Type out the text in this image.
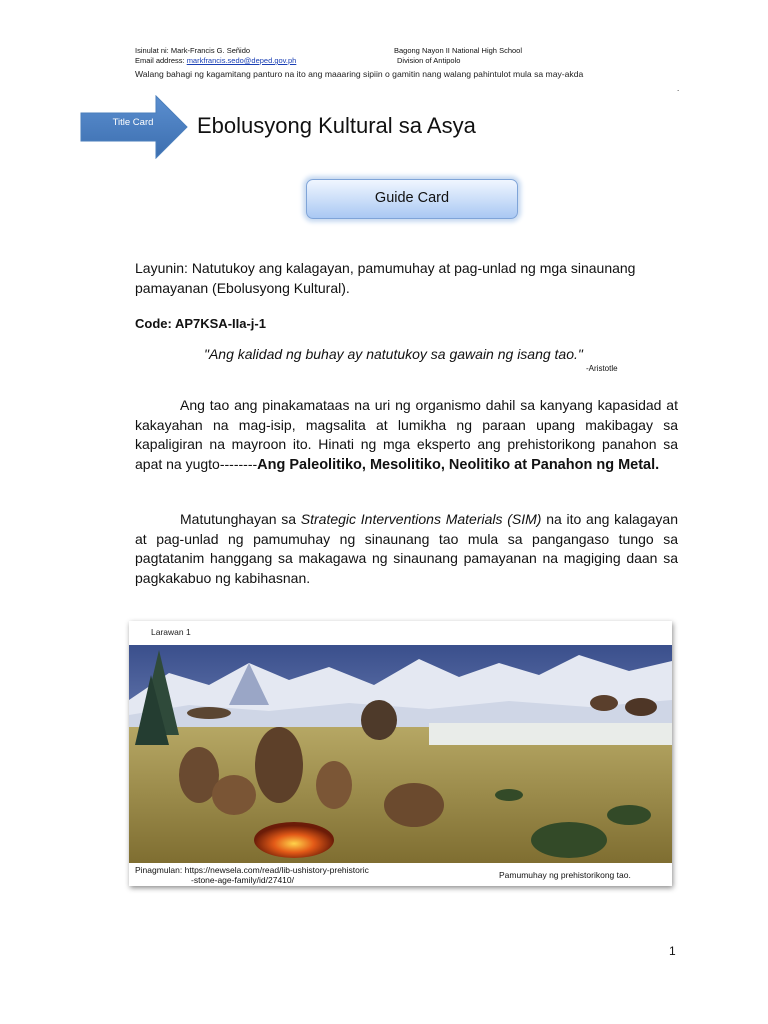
Isinulat ni: Mark-Francis G. Señido
Email address: markfrancis.sedo@deped.gov.ph
Bagong Nayon II National High School
Division of Antipolo
Walang bahagi ng kagamitang panturo na ito ang maaaring sipiin o gamitin nang walang pahintulot mula sa may-akda
.
Title Card	Ebolusyong Kultural sa Asya
Guide Card
Layunin: Natutukoy ang kalagayan, pamumuhay at pag-unlad ng mga sinaunang pamayanan (Ebolusyong Kultural).
Code: AP7KSA-IIa-j-1
"Ang kalidad ng buhay ay natutukoy sa gawain ng isang tao."
-Aristotle
Ang tao ang pinakamataas na uri ng organismo dahil sa kanyang kapasidad at kakayahan na mag-isip, magsalita at lumikha ng paraan upang makibagay sa kapaligiran na mayroon ito. Hinati ng mga eksperto ang prehistorikong panahon sa apat na yugto--------Ang Paleolitiko, Mesolitiko, Neolitiko at Panahon ng Metal.
Matutunghayan sa Strategic Interventions Materials (SIM) na ito ang kalagayan at pag-unlad ng pamumuhay ng sinaunang tao mula sa pangangaso tungo sa pagtatanim hanggang sa makagawa ng sinaunang pamayanan na magiging daan sa pagkakabuo ng kabihasnan.
Larawan 1
Pinagmulan: https://newsela.com/read/lib-ushistory-prehistoric
-stone-age-family/id/27410/	Pamumuhay ng prehistorikong tao.
1
